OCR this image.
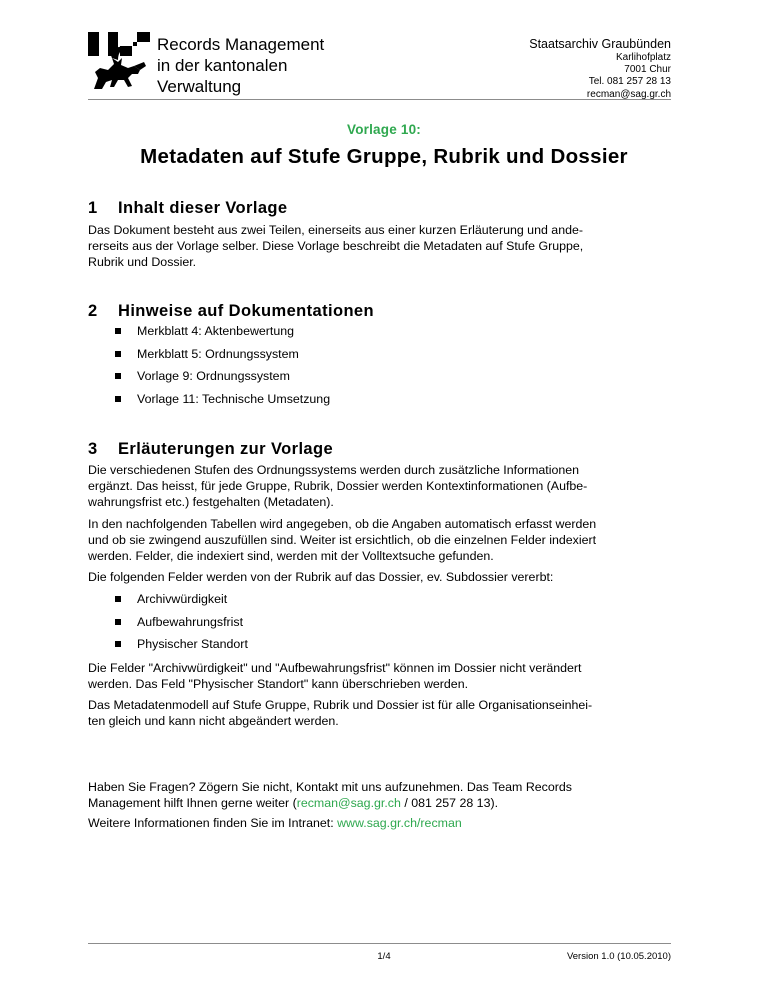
Records Management
in der kantonalen
Verwaltung
Staatsarchiv Graubünden
Karlihofplatz
7001 Chur
Tel. 081 257 28 13
recman@sag.gr.ch
Vorlage 10:
Metadaten auf Stufe Gruppe, Rubrik und Dossier
1 Inhalt dieser Vorlage

Das Dokument besteht aus zwei Teilen, einerseits aus einer kurzen Erläuterung und ande-
rerseits aus der Vorlage selber. Diese Vorlage beschreibt die Metadaten auf Stufe Gruppe,
Rubrik und Dossier.

2 Hinweise auf Dokumentationen
Merkblatt 4: Aktenbewertung
Merkblatt 5: Ordnungssystem
Vorlage 9: Ordnungssystem
Vorlage 11: Technische Umsetzung
3 Erläuterungen zur Vorlage

Die verschiedenen Stufen des Ordnungssystems werden durch zusätzliche Informationen
ergänzt. Das heisst, für jede Gruppe, Rubrik, Dossier werden Kontextinformationen (Aufbe-
wahrungsfrist etc.) festgehalten (Metadaten).

In den nachfolgenden Tabellen wird angegeben, ob die Angaben automatisch erfasst werden
und ob sie zwingend auszufüllen sind. Weiter ist ersichtlich, ob die einzelnen Felder indexiert
werden. Felder, die indexiert sind, werden mit der Volltextsuche gefunden.

Die folgenden Felder werden von der Rubrik auf das Dossier, ev. Subdossier vererbt:

Archivwürdigkeit
Aufbewahrungsfrist
Physischer Standort

Die Felder "Archivwürdigkeit" und "Aufbewahrungsfrist" können im Dossier nicht verändert
werden. Das Feld "Physischer Standort" kann überschrieben werden.

Das Metadatenmodell auf Stufe Gruppe, Rubrik und Dossier ist für alle Organisationseinhei-
ten gleich und kann nicht abgeändert werden.

Haben Sie Fragen? Zögern Sie nicht, Kontakt mit uns aufzunehmen. Das Team Records
Management hilft Ihnen gerne weiter (recman@sag.gr.ch / 081 257 28 13).

Weitere Informationen finden Sie im Intranet: www.sag.gr.ch/recman

1/4	Version 1.0 (10.05.2010)
